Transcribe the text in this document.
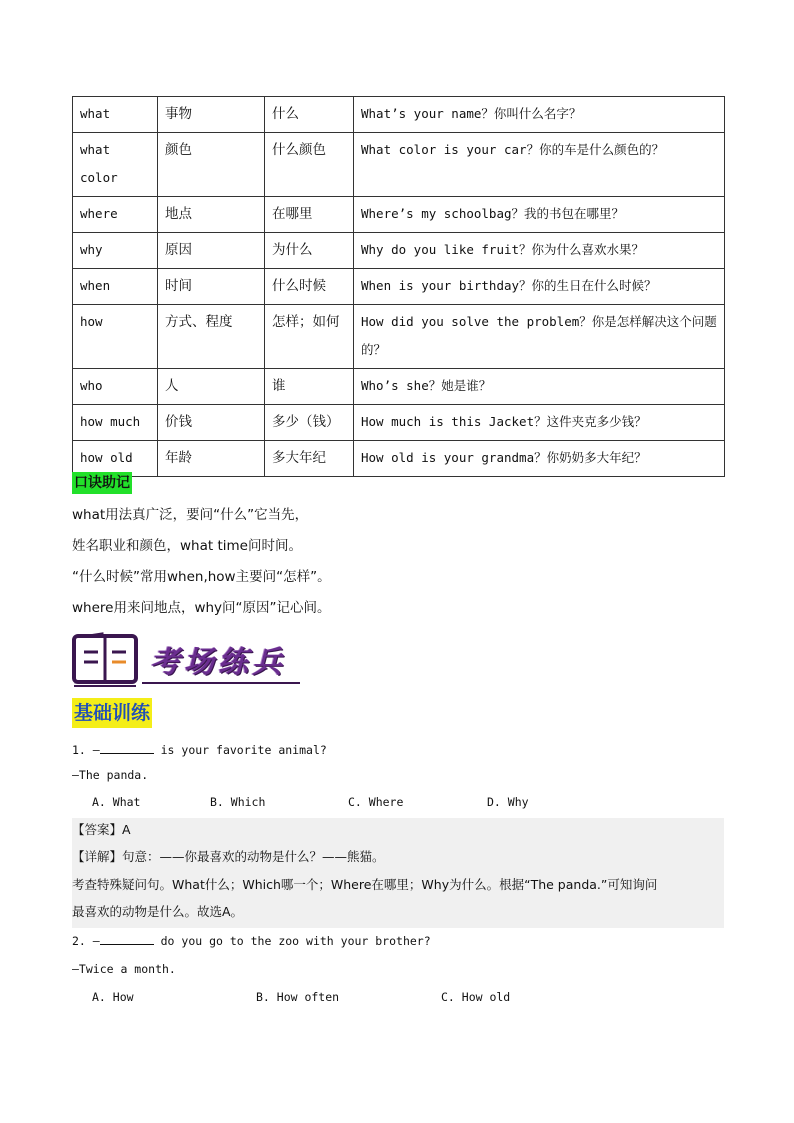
what	事物	什么	What’s your name？你叫什么名字？
what color	颜色	什么颜色	What color is your car？你的车是什么颜色的？
where	地点	在哪里	Where’s my schoolbag？我的书包在哪里？
why	原因	为什么	Why do you like fruit？你为什么喜欢水果？
when	时间	什么时候	When is your birthday？你的生日在什么时候？
how	方式、程度	怎样；如何	How did you solve the problem？你是怎样解决这个问题的？
who	人	谁	Who’s she？她是谁？
how much	价钱	多少（钱）	How much is this Jacket？这件夹克多少钱？
how old	年龄	多大年纪	How old is your grandma？你奶奶多大年纪？
口诀助记
what用法真广泛，要问“什么”它当先，
姓名职业和颜色，what time问时间。
“什么时候”常用when,how主要问“怎样”。
where用来问地点，why问“原因”记心间。
考场练兵
基础训练
1. —	is your favorite animal?
—The panda.
A. What	B. Which	C. Where	D. Why
【答案】A
【详解】句意：——你最喜欢的动物是什么？——熊猫。
考查特殊疑问句。What什么；Which哪一个；Where在哪里；Why为什么。根据“The panda.”可知询问
最喜欢的动物是什么。故选A。
2. —	do you go to the zoo with your brother?
—Twice a month.
A. How	B. How often	C. How old
